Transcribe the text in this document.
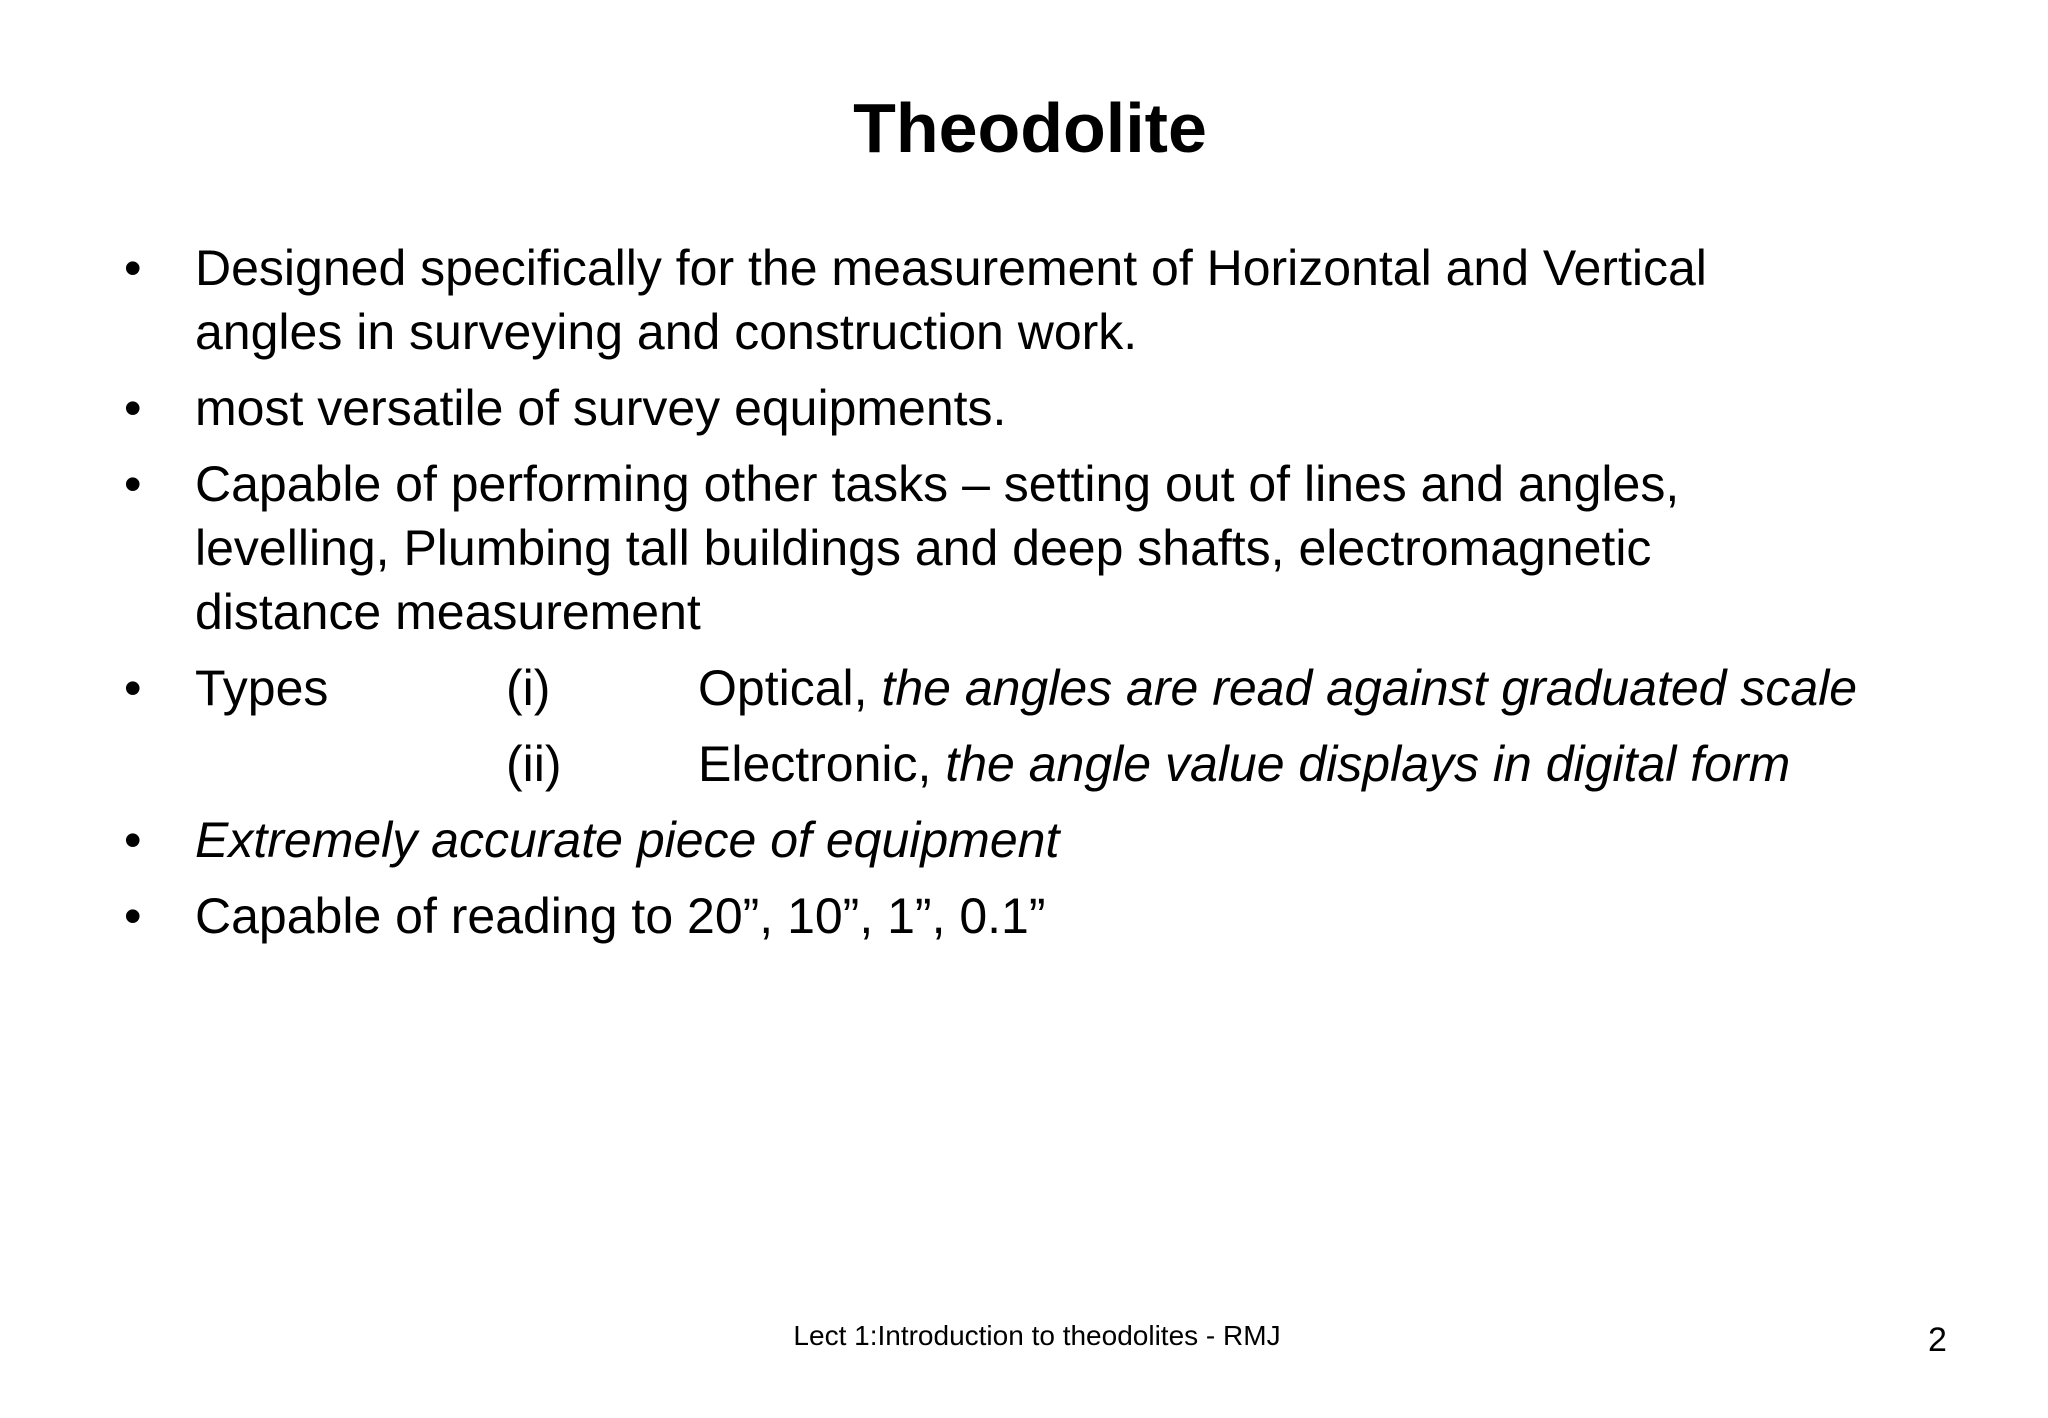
Theodolite
• Designed specifically for the measurement of Horizontal and Vertical
angles in surveying and construction work.
• most versatile of survey equipments.
• Capable of performing other tasks – setting out of lines and angles,
levelling, Plumbing tall buildings and deep shafts, electromagnetic
distance measurement
• Types	(i)	Optical, the angles are read against graduated scale
(ii)	Electronic, the angle value displays in digital form
• Extremely accurate piece of equipment
• Capable of reading to 20”, 10”, 1”, 0.1”
Lect 1:Introduction to theodolites - RMJ	2
